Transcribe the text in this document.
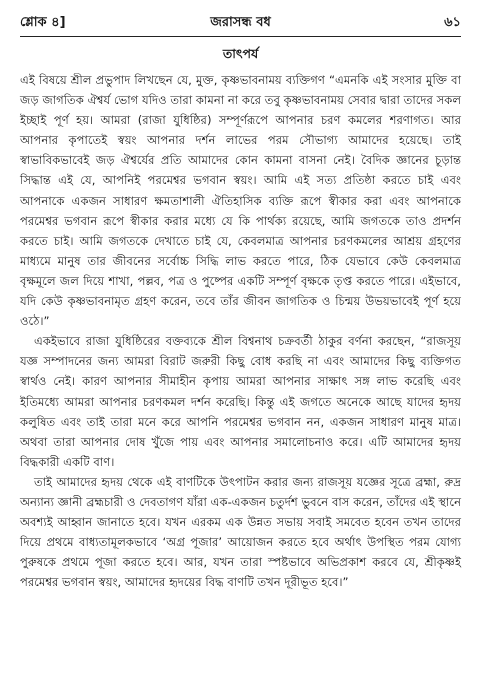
শ্লোক ৪]	জরাসন্ধ বধ	৬১
তাৎপর্য

এই বিষয়ে শ্রীল প্রভুপাদ লিখছেন যে, মুক্ত, কৃষ্ণভাবনাময় ব্যক্তিগণ “এমনকি এই সংসার মুক্তি বা জড় জাগতিক ঐশ্বর্য ভোগ যদিও তারা কামনা না করে তবু কৃষ্ণভাবনাময় সেবার দ্বারা তাদের সকল ইচ্ছাই পূর্ণ হয়। আমরা (রাজা যুধিষ্ঠির) সম্পূর্ণরূপে আপনার চরণ কমলের শরণাগত। আর আপনার কৃপাতেই স্বয়ং আপনার দর্শন লাভের পরম সৌভাগ্য আমাদের হয়েছে। তাই স্বাভাবিকভাবেই জড় ঐশ্বর্যের প্রতি আমাদের কোন কামনা বাসনা নেই। বৈদিক জ্ঞানের চূড়ান্ত সিদ্ধান্ত এই যে, আপনিই পরমেশ্বর ভগবান স্বয়ং। আমি এই সত্য প্রতিষ্ঠা করতে চাই এবং আপনাকে একজন সাধারণ ক্ষমতাশালী ঐতিহাসিক ব্যক্তি রূপে স্বীকার করা এবং আপনাকে পরমেশ্বর ভগবান রূপে স্বীকার করার মধ্যে যে কি পার্থক্য রয়েছে, আমি জগতকে তাও প্রদর্শন করতে চাই। আমি জগতকে দেখাতে চাই যে, কেবলমাত্র আপনার চরণকমলের আশ্রয় গ্রহণের মাধ্যমে মানুষ তার জীবনের সর্বোচ্চ সিদ্ধি লাভ করতে পারে, ঠিক যেভাবে কেউ কেবলমাত্র বৃক্ষমূলে জল দিয়ে শাখা, পল্লব, পত্র ও পুষ্পের একটি সম্পূর্ণ বৃক্ষকে তৃপ্ত করতে পারে। এইভাবে, যদি কেউ কৃষ্ণভাবনামৃত গ্রহণ করেন, তবে তাঁর জীবন জাগতিক ও চিন্ময় উভয়ভাবেই পূর্ণ হয়ে ওঠে।”

একইভাবে রাজা যুধিষ্ঠিরের বক্তব্যকে শ্রীল বিশ্বনাথ চক্রবর্তী ঠাকুর বর্ণনা করছেন, “রাজসূয় যজ্ঞ সম্পাদনের জন্য আমরা বিরাট জরুরী কিছু বোধ করছি না এবং আমাদের কিছু ব্যক্তিগত স্বার্থও নেই। কারণ আপনার সীমাহীন কৃপায় আমরা আপনার সাক্ষাৎ সঙ্গ লাভ করেছি এবং ইতিমধ্যে আমরা আপনার চরণকমল দর্শন করেছি। কিন্তু এই জগতে অনেকে আছে যাদের হৃদয় কলুষিত এবং তাই তারা মনে করে আপনি পরমেশ্বর ভগবান নন, একজন সাধারণ মানুষ মাত্র। অথবা তারা আপনার দোষ খুঁজে পায় এবং আপনার সমালোচনাও করে। এটি আমাদের হৃদয় বিদ্ধকারী একটি বাণ।

তাই আমাদের হৃদয় থেকে এই বাণটিকে উৎপাটন করার জন্য রাজসূয় যজ্ঞের সূত্রে ব্রহ্মা, রুদ্র অন্যান্য জ্ঞানী ব্রহ্মচারী ও দেবতাগণ যাঁরা এক-একজন চতুর্দশ ভুবনে বাস করেন, তাঁদের এই স্থানে অবশ্যই আহ্বান জানাতে হবে। যখন এরকম এক উন্নত সভায় সবাই সমবেত হবেন তখন তাদের দিয়ে প্রথমে বাধ্যতামূলকভাবে ‘অগ্র পূজার’ আয়োজন করতে হবে অর্থাৎ উপস্থিত পরম যোগ্য পুরুষকে প্রথমে পূজা করতে হবে। আর, যখন তারা স্পষ্টভাবে অভিপ্রকাশ করবে যে, শ্রীকৃষ্ণই পরমেশ্বর ভগবান স্বয়ং, আমাদের হৃদয়ের বিদ্ধ বাণটি তখন দূরীভূত হবে।”
